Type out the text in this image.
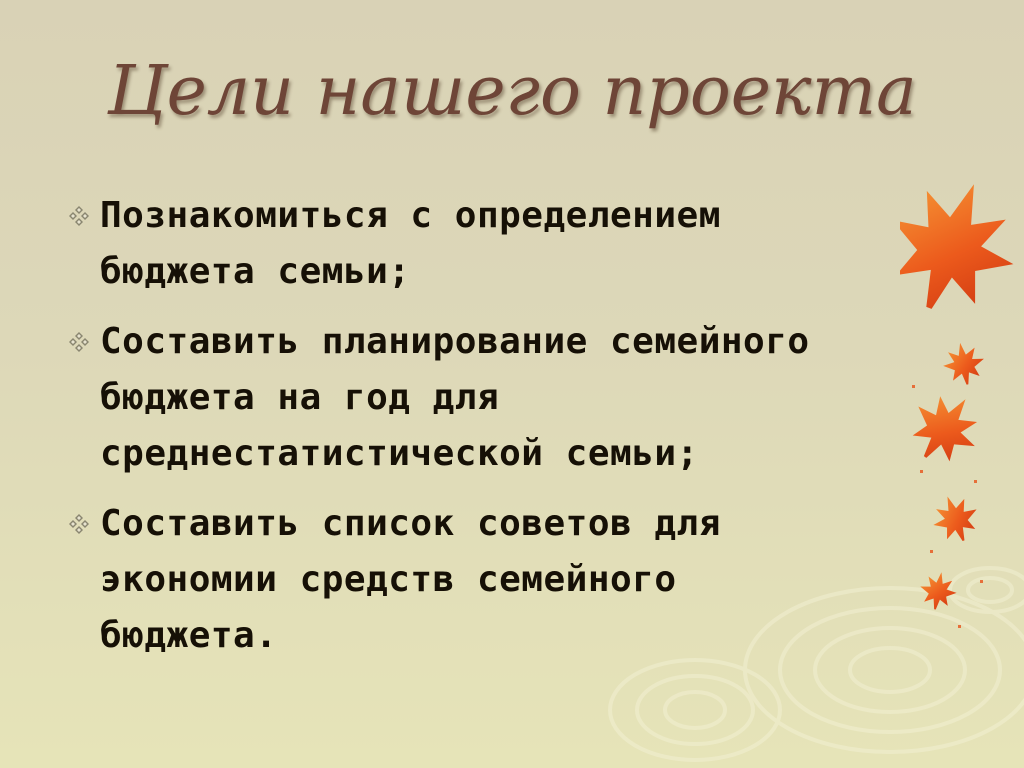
Цели нашего проекта
Познакомиться с определением
бюджета семьи;
Составить планирование семейного
бюджета на год для
среднестатистической семьи;
Составить список советов для
экономии средств семейного
бюджета.
